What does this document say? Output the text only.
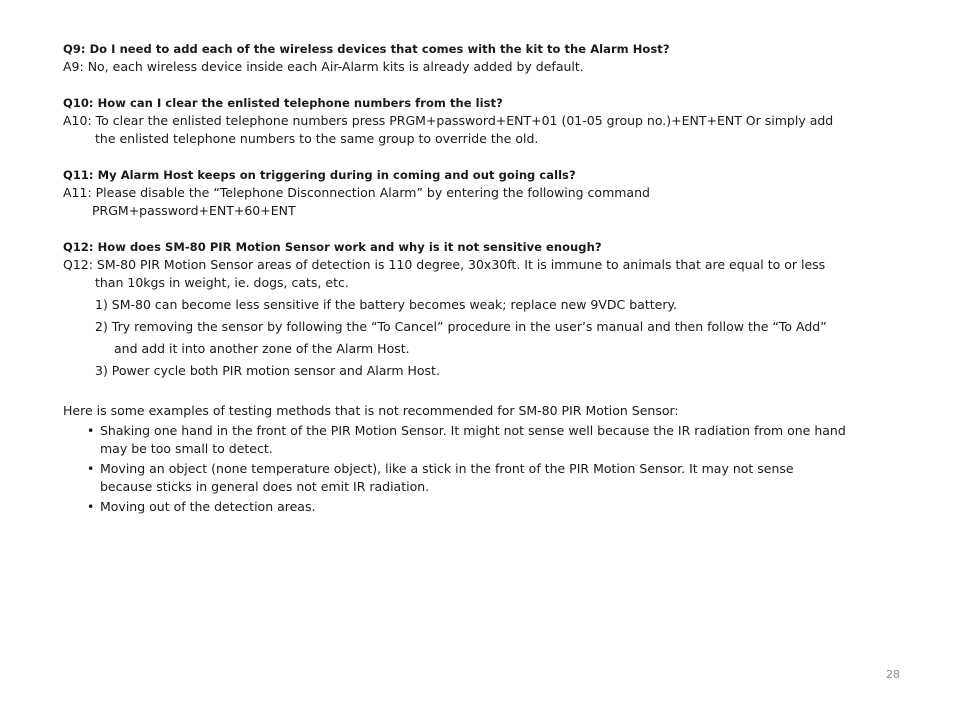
Q9: Do I need to add each of the wireless devices that comes with the kit to the Alarm Host?

A9: No, each wireless device inside each Air-Alarm kits is already added by default.

Q10: How can I clear the enlisted telephone numbers from the list?

A10: To clear the enlisted telephone numbers press PRGM+password+ENT+01 (01-05 group no.)+ENT+ENT Or simply add

the enlisted telephone numbers to the same group to override the old.

Q11: My Alarm Host keeps on triggering during in coming and out going calls?

A11: Please disable the “Telephone Disconnection Alarm” by entering the following command

PRGM+password+ENT+60+ENT

Q12: How does SM-80 PIR Motion Sensor work and why is it not sensitive enough?

Q12: SM-80 PIR Motion Sensor areas of detection is 110 degree, 30x30ft. It is immune to animals that are equal to or less

than 10kgs in weight, ie. dogs, cats, etc.

1) SM-80 can become less sensitive if the battery becomes weak; replace new 9VDC battery.

2) Try removing the sensor by following the “To Cancel” procedure in the user’s manual and then follow the “To Add”

and add it into another zone of the Alarm Host.

3) Power cycle both PIR motion sensor and Alarm Host.

Here is some examples of testing methods that is not recommended for SM-80 PIR Motion Sensor:

• Shaking one hand in the front of the PIR Motion Sensor. It might not sense well because the IR radiation from one hand
may be too small to detect.
• Moving an object (none temperature object), like a stick in the front of the PIR Motion Sensor. It may not sense
because sticks in general does not emit IR radiation.
• Moving out of the detection areas.
28
